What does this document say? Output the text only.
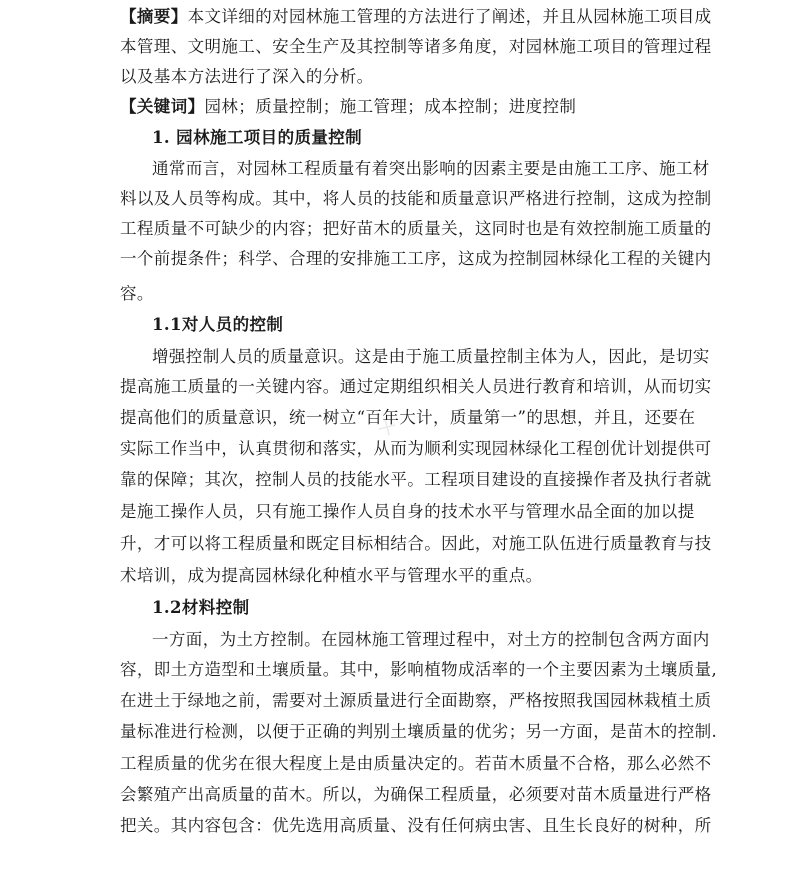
【摘要】本文详细的对园林施工管理的方法进行了阐述，并且从园林施工项目成
本管理、文明施工、安全生产及其控制等诸多角度，对园林施工项目的管理过程
以及基本方法进行了深入的分析。
【关键词】园林；质量控制；施工管理；成本控制；进度控制
1. 园林施工项目的质量控制
通常而言，对园林工程质量有着突出影响的因素主要是由施工工序、施工材
料以及人员等构成。其中，将人员的技能和质量意识严格进行控制，这成为控制
工程质量不可缺少的内容；把好苗木的质量关，这同时也是有效控制施工质量的
一个前提条件；科学、合理的安排施工工序，这成为控制园林绿化工程的关键内
容。
1.1对人员的控制
增强控制人员的质量意识。这是由于施工质量控制主体为人，因此，是切实
提高施工质量的一关键内容。通过定期组织相关人员进行教育和培训，从而切实
提高他们的质量意识，统一树立“百年大计，质量第一”的思想，并且，还要在
实际工作当中，认真贯彻和落实，从而为顺利实现园林绿化工程创优计划提供可
靠的保障；其次，控制人员的技能水平。工程项目建设的直接操作者及执行者就
是施工操作人员，只有施工操作人员自身的技术水平与管理水品全面的加以提
升，才可以将工程质量和既定目标相结合。因此，对施工队伍进行质量教育与技
术培训，成为提高园林绿化种植水平与管理水平的重点。
1.2材料控制
一方面，为土方控制。在园林施工管理过程中，对土方的控制包含两方面内
容，即土方造型和土壤质量。其中，影响植物成活率的一个主要因素为土壤质量,
在进土于绿地之前，需要对土源质量进行全面勘察，严格按照我国园林栽植土质
量标准进行检测，以便于正确的判别土壤质量的优劣；另一方面，是苗木的控制.
工程质量的优劣在很大程度上是由质量决定的。若苗木质量不合格，那么必然不
会繁殖产出高质量的苗木。所以，为确保工程质量，必须要对苗木质量进行严格
把关。其内容包含：优先选用高质量、没有任何病虫害、且生长良好的树种，所
